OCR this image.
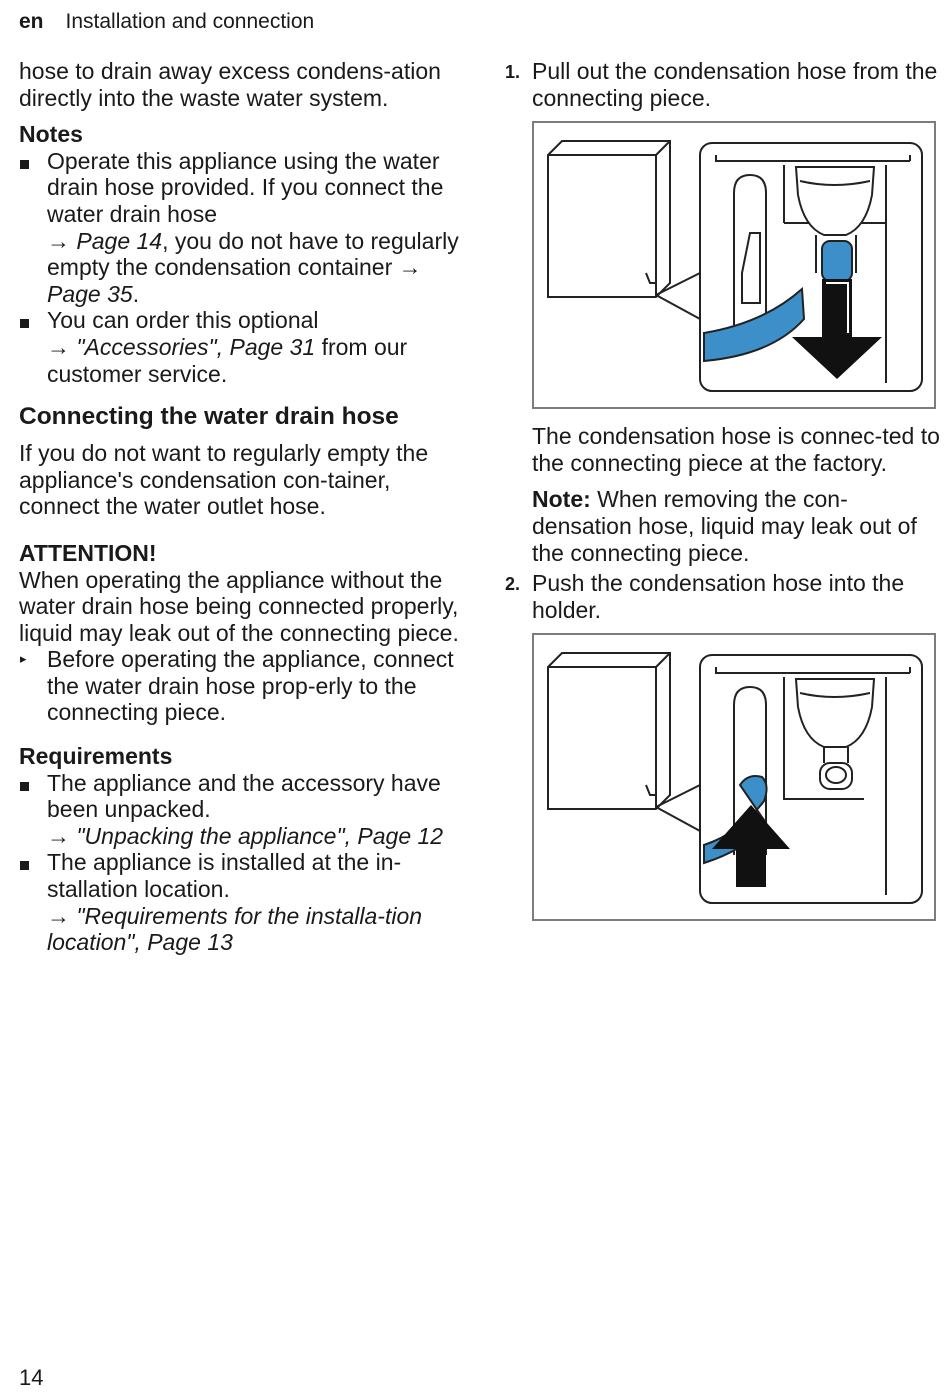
en Installation and connection

hose to drain away excess condens-ation directly into the waste water system.

Notes
Operate this appliance using the water drain hose provided. If you connect the water drain hose
→ Page 14, you do not have to regularly empty the condensation container → Page 35.
You can order this optional
→ "Accessories", Page 31 from our customer service.
Connecting the water drain hose

If you do not want to regularly empty the appliance's condensation con-tainer, connect the water outlet hose.

ATTENTION!

When operating the appliance without the water drain hose being connected properly, liquid may leak out of the connecting piece.

▸ Before operating the appliance, connect the water drain hose prop-erly to the connecting piece.
Requirements
The appliance and the accessory have been unpacked.
→ "Unpacking the appliance", Page 12
The appliance is installed at the in-stallation location.
→ "Requirements for the installa-tion location", Page 13
1. Pull out the condensation hose from the connecting piece.

The condensation hose is connec-ted to the connecting piece at the factory.

Note: When removing the con-densation hose, liquid may leak out of the connecting piece.

2. Push the condensation hose into the holder.
14
